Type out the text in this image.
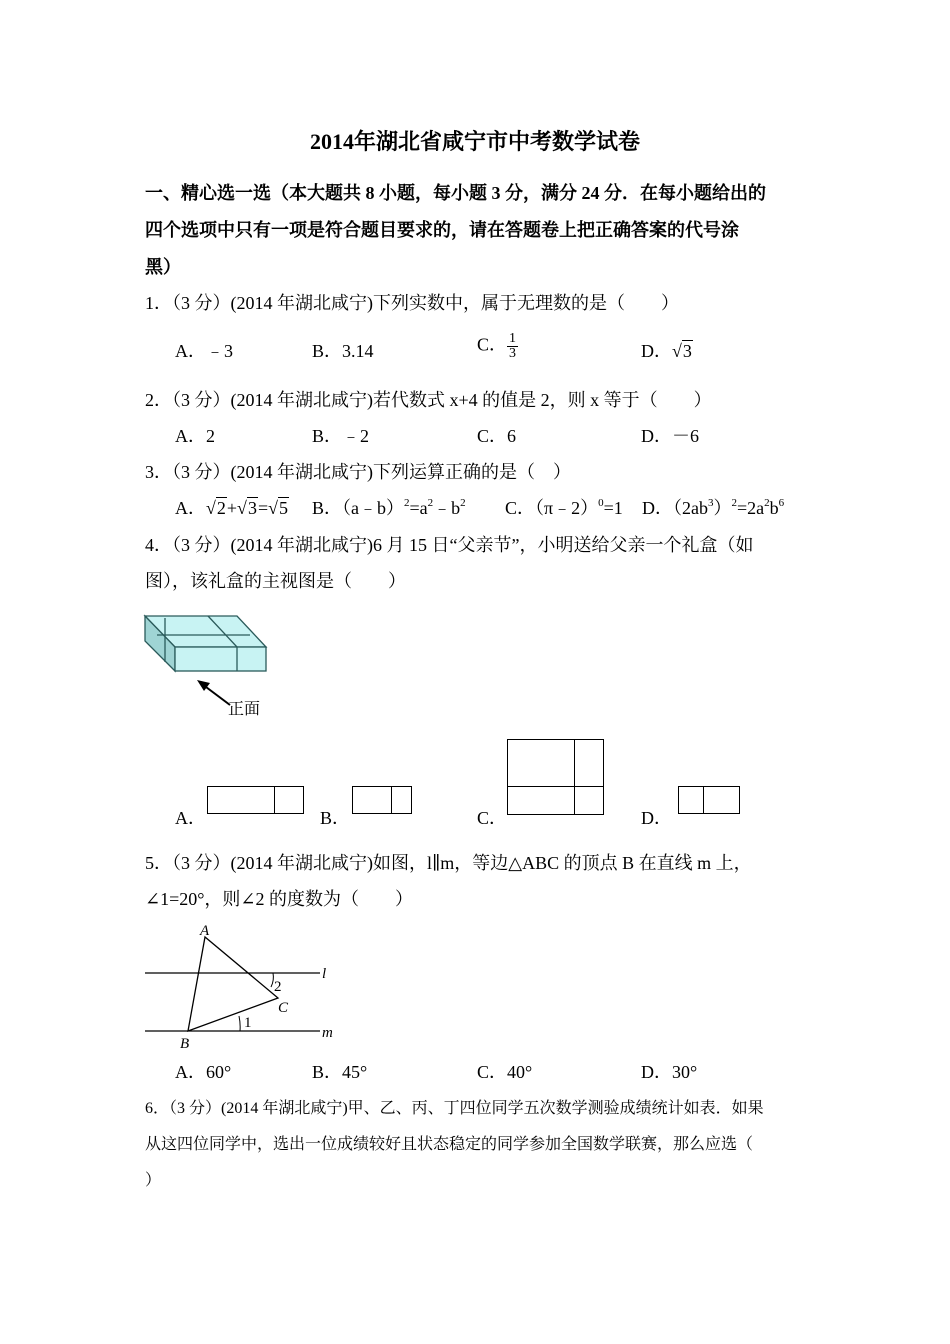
2014年湖北省咸宁市中考数学试卷
一、精心选一选（本大题共 8 小题，每小题 3 分，满分 24 分．在每小题给出的
四个选项中只有一项是符合题目要求的，请在答题卷上把正确答案的代号涂
黑）
1．（3 分）(2014 年湖北咸宁)下列实数中，属于无理数的是（　　）
A．﹣3	B．3.14	C． $\frac{1}{3}$	D．√3
2．（3 分）(2014 年湖北咸宁)若代数式 x+4 的值是 2，则 x 等于（　　）
A．2	B．﹣2	C．6	D．－6
3．（3 分）(2014 年湖北咸宁)下列运算正确的是（　）
A．√2+√3=√5 B．$(a﹣b)^2=a^2﹣b^2$ C．（π﹣2）$^0$=1 D．$(2ab^3)^2=2a^2b^6$
4．（3 分）(2014 年湖北咸宁)6 月 15 日“父亲节”，小明送给父亲一个礼盒（如
图），该礼盒的主视图是（　　）
正面
A．	B．	C．	D．
5．（3 分）(2014 年湖北咸宁)如图，l∥m，等边△ABC 的顶点 B 在直线 m 上，
∠1=20°，则∠2 的度数为（　　）
A
B
C
l
m
1
2
A．60°	B．45°	C．40°	D．30°
6．（3 分）(2014 年湖北咸宁)甲、乙、丙、丁四位同学五次数学测验成绩统计如表．如果
从这四位同学中，选出一位成绩较好且状态稳定的同学参加全国数学联赛，那么应选（
）
